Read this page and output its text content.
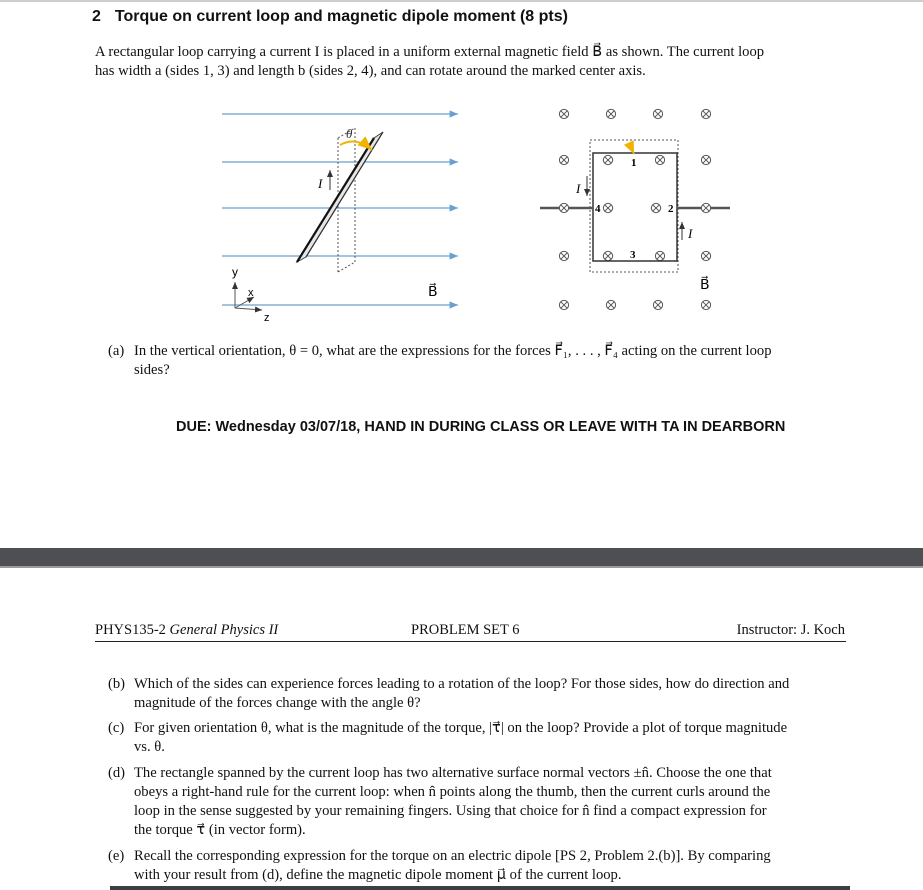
2 Torque on current loop and magnetic dipole moment (8 pts)
A rectangular loop carrying a current I is placed in a uniform external magnetic field B⃗ as shown. The current loop
has width a (sides 1, 3) and length b (sides 2, 4), and can rotate around the marked center axis.
θ
I
y
x
z
B⃗
1
2
3
4
I
I
B⃗
(a) In the vertical orientation, θ = 0, what are the expressions for the forces F⃗₁, . . . , F⃗₄ acting on the current loop
sides?
DUE: Wednesday 03/07/18, HAND IN DURING CLASS OR LEAVE WITH TA IN DEARBORN
PHYS135-2 General Physics II	PROBLEM SET 6	Instructor: J. Koch
(b) Which of the sides can experience forces leading to a rotation of the loop? For those sides, how do direction and
magnitude of the forces change with the angle θ?
(c) For given orientation θ, what is the magnitude of the torque, |τ⃗| on the loop? Provide a plot of torque magnitude
vs. θ.
(d) The rectangle spanned by the current loop has two alternative surface normal vectors ±n̂. Choose the one that
obeys a right-hand rule for the current loop: when n̂ points along the thumb, then the current curls around the
loop in the sense suggested by your remaining fingers. Using that choice for n̂ find a compact expression for
the torque τ⃗ (in vector form).
(e) Recall the corresponding expression for the torque on an electric dipole [PS 2, Problem 2.(b)]. By comparing
with your result from (d), define the magnetic dipole moment μ⃗ of the current loop.
